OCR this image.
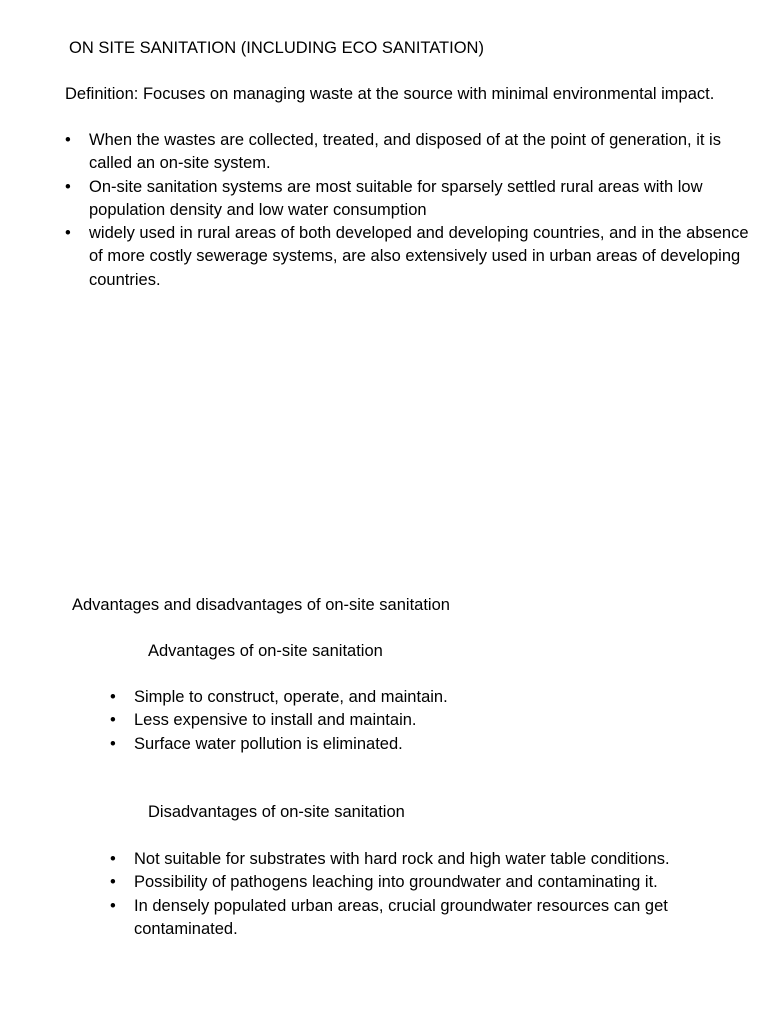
ON SITE SANITATION (INCLUDING ECO SANITATION)

Definition: Focuses on managing waste at the source with minimal environmental impact.

• When the wastes are collected, treated, and disposed of at the point of generation, it is called an on-site system.
• On-site sanitation systems are most suitable for sparsely settled rural areas with low population density and low water consumption
• widely used in rural areas of both developed and developing countries, and in the absence of more costly sewerage systems, are also extensively used in urban areas of developing countries.
Advantages and disadvantages of on-site sanitation
Advantages of on-site sanitation
• Simple to construct, operate, and maintain.
• Less expensive to install and maintain.
• Surface water pollution is eliminated.
Disadvantages of on-site sanitation
• Not suitable for substrates with hard rock and high water table conditions.
• Possibility of pathogens leaching into groundwater and contaminating it.
• In densely populated urban areas, crucial groundwater resources can get contaminated.
